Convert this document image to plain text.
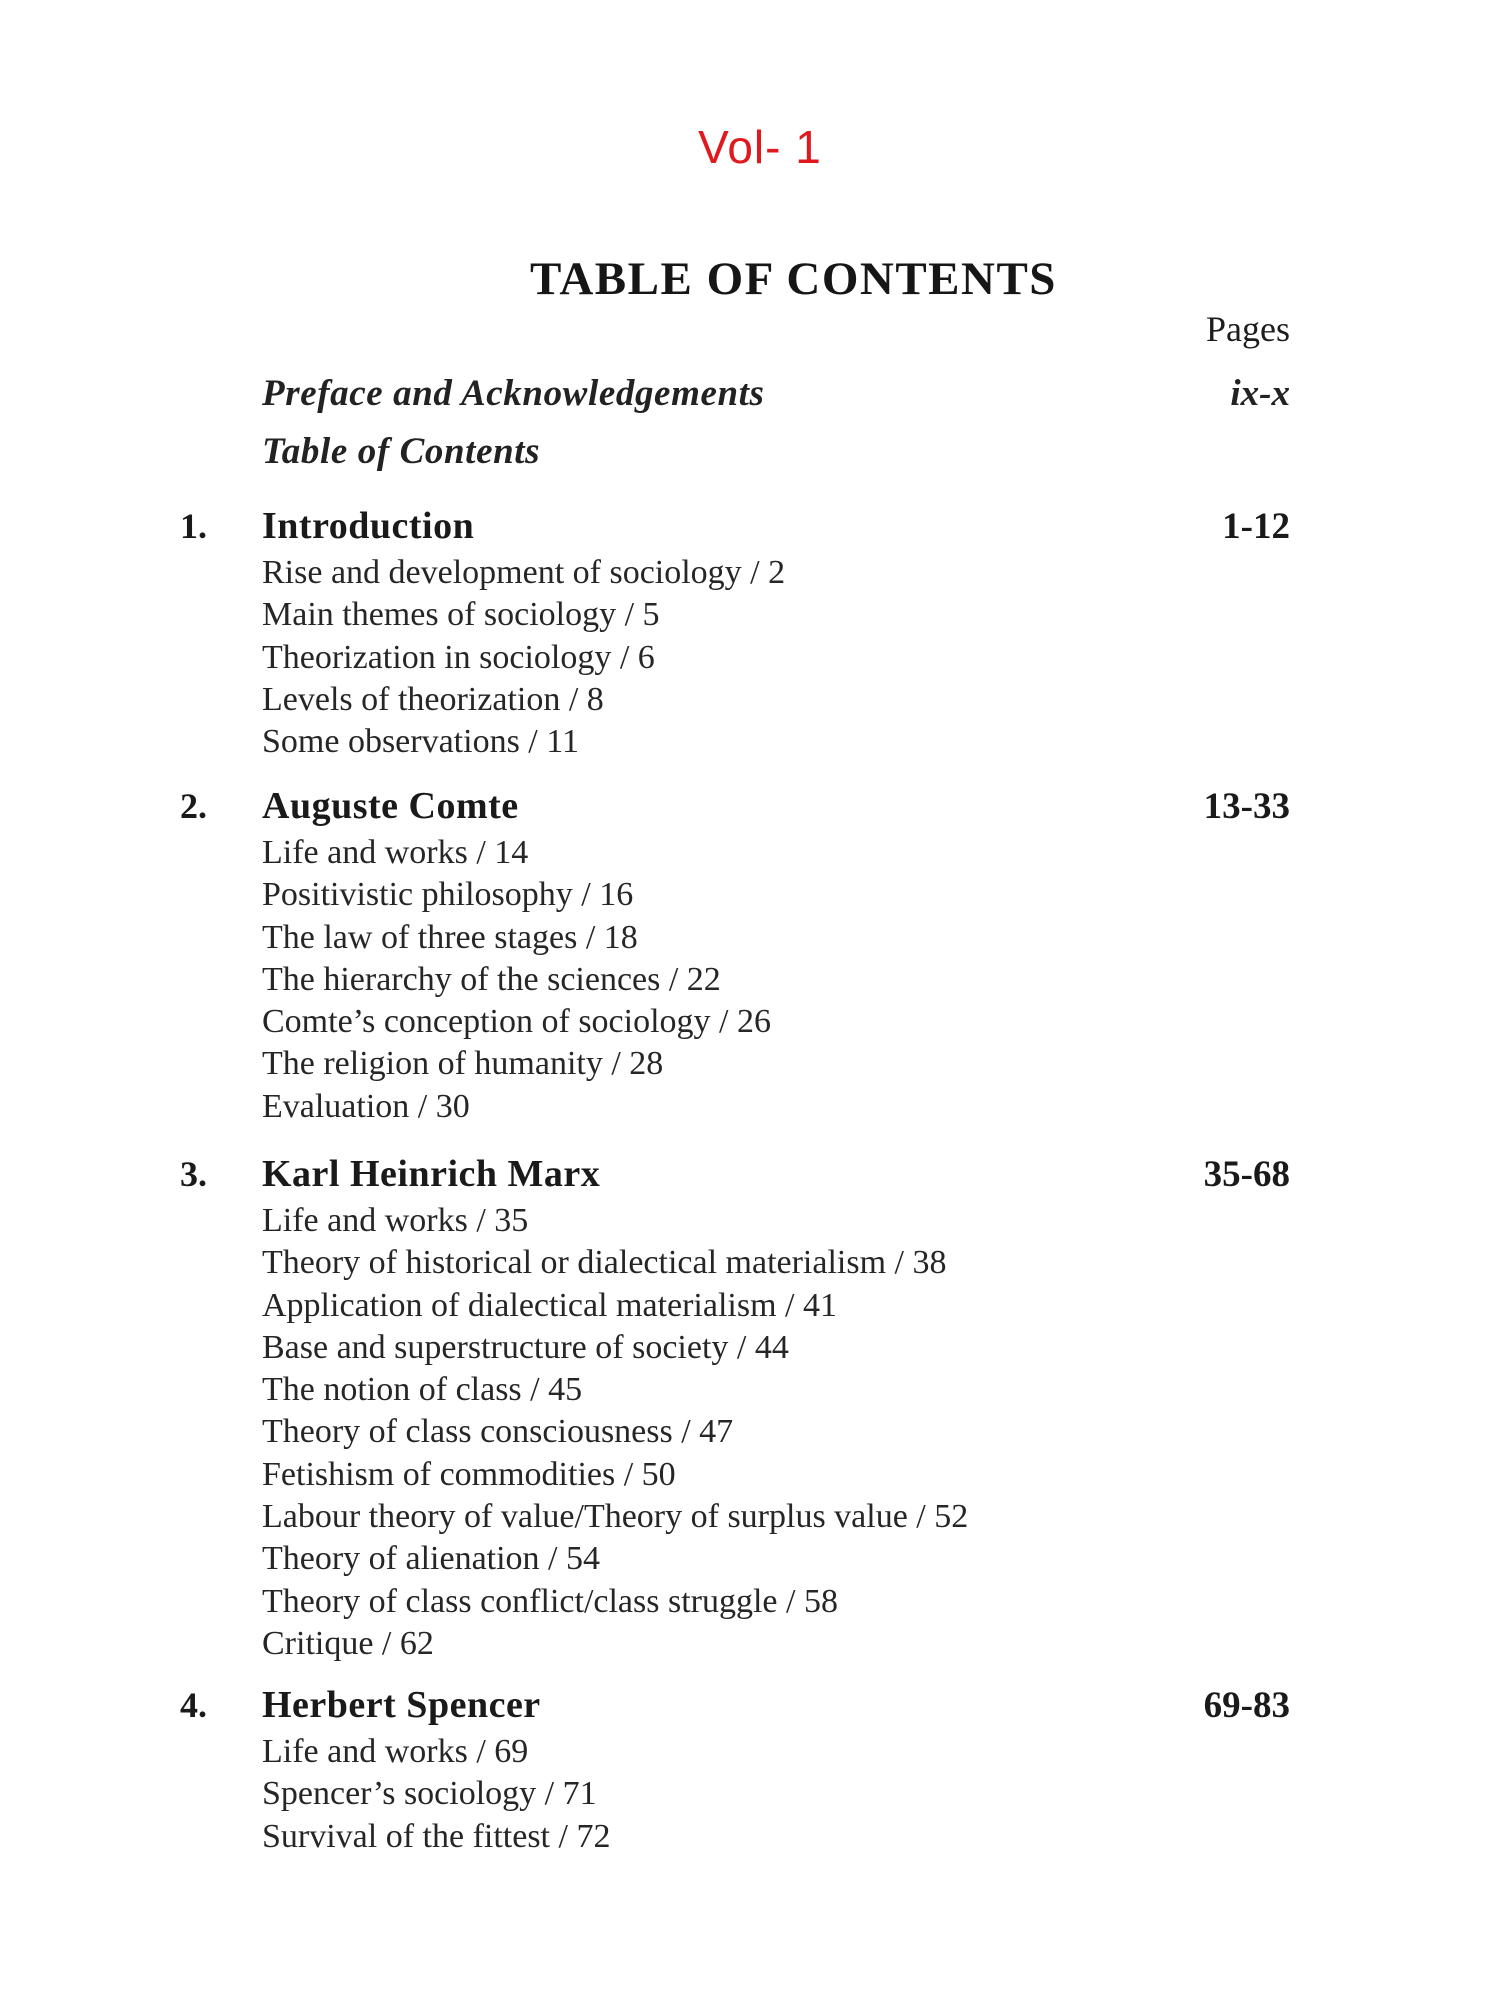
Vol- 1
TABLE OF CONTENTS
Pages
Preface and Acknowledgements	ix-x
Table of Contents
1.	Introduction	1-12
Rise and development of sociology / 2
Main themes of sociology / 5
Theorization in sociology / 6
Levels of theorization / 8
Some observations / 11
2.	Auguste Comte	13-33
Life and works / 14
Positivistic philosophy / 16
The law of three stages / 18
The hierarchy of the sciences / 22
Comte’s conception of sociology / 26
The religion of humanity / 28
Evaluation / 30
3.	Karl Heinrich Marx	35-68
Life and works / 35
Theory of historical or dialectical materialism / 38
Application of dialectical materialism / 41
Base and superstructure of society / 44
The notion of class / 45
Theory of class consciousness / 47
Fetishism of commodities / 50
Labour theory of value/Theory of surplus value / 52
Theory of alienation / 54
Theory of class conflict/class struggle / 58
Critique / 62
4.	Herbert Spencer	69-83
Life and works / 69
Spencer’s sociology / 71
Survival of the fittest / 72
